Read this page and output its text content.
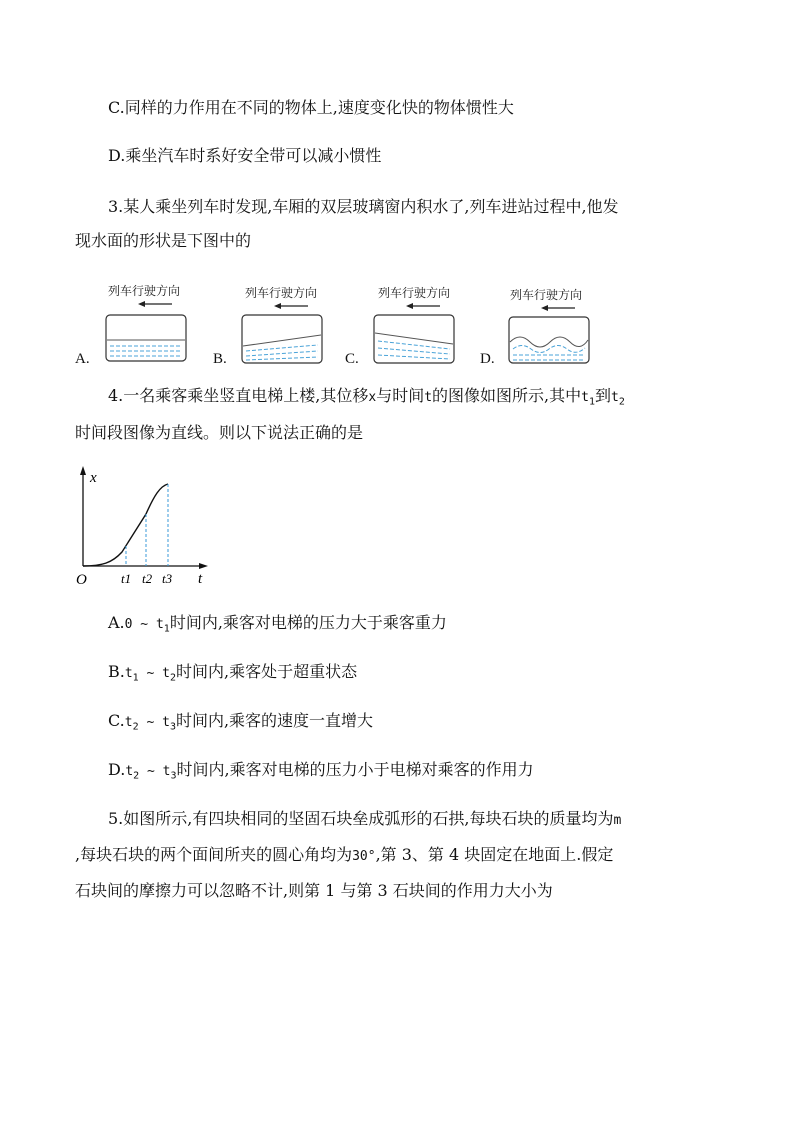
C.同样的力作用在不同的物体上,速度变化快的物体惯性大
D.乘坐汽车时系好安全带可以减小惯性
3.某人乘坐列车时发现,车厢的双层玻璃窗内积水了,列车进站过程中,他发
现水面的形状是下图中的
A.
列车行驶方向
B.
列车行驶方向
C.
列车行驶方向
D.
列车行驶方向
4.一名乘客乘坐竖直电梯上楼,其位移x与时间t的图像如图所示,其中$t_1$到$t_2$
时间段图像为直线。则以下说法正确的是
x
t
O	t1 t2 t3
A.0 ~ $t_1$时间内,乘客对电梯的压力大于乘客重力
$B.t_1$ ~ $t_2$时间内,乘客处于超重状态
$C.t_2$ ~ $t_3$时间内,乘客的速度一直增大
$D.t_2$ ~ $t_3$时间内,乘客对电梯的压力小于电梯对乘客的作用力
5.如图所示,有四块相同的坚固石块垒成弧形的石拱,每块石块的质量均为m
,每块石块的两个面间所夹的圆心角均为30°,第 3、第 4 块固定在地面上.假定
石块间的摩擦力可以忽略不计,则第 1 与第 3 石块间的作用力大小为
